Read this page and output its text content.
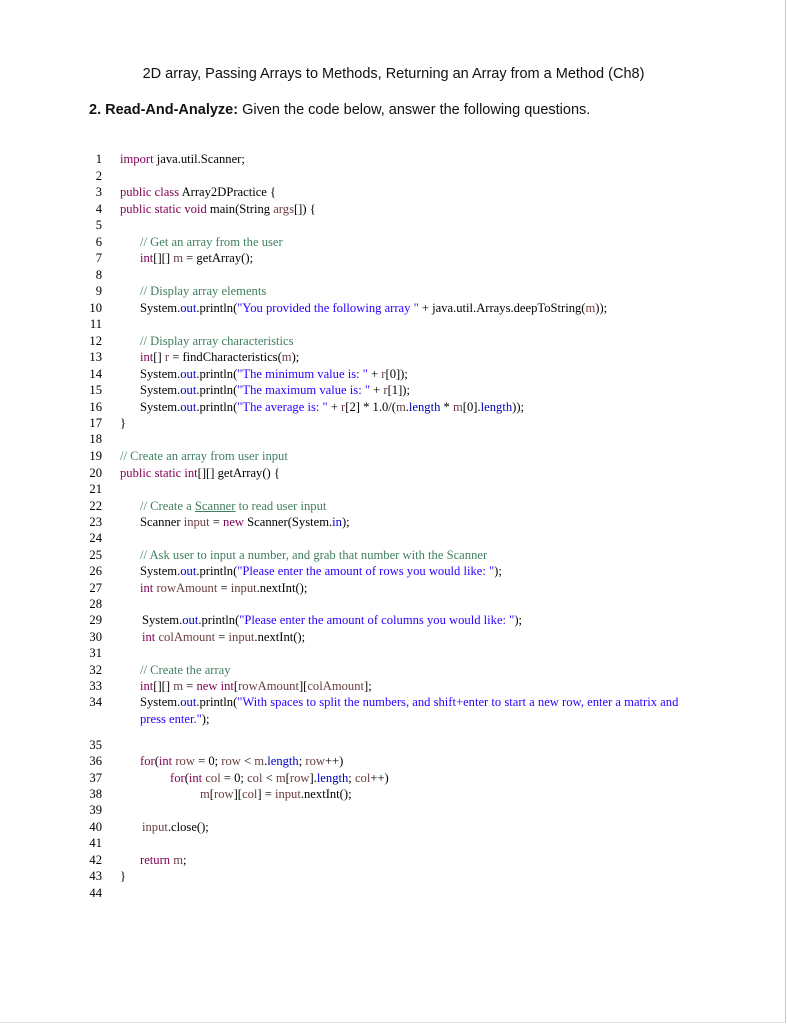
2D array, Passing Arrays to Methods, Returning an Array from a Method (Ch8)
2. Read-And-Analyze: Given the code below, answer the following questions.
1 import java.util.Scanner;
2
3 public class Array2DPractice {
4 public static void main(String args[]) {
5
6	// Get an array from the user
7	int[][] m = getArray();
8
9	// Display array elements
10	System.out.println("You provided the following array " + java.util.Arrays.deepToString(m));
11
12	// Display array characteristics
13	int[] r = findCharacteristics(m);
14	System.out.println("The minimum value is: " + r[0]);
15	System.out.println("The maximum value is: " + r[1]);
16	System.out.println("The average is: " + r[2] * 1.0/(m.length * m[0].length));
17 }
18
19 // Create an array from user input
20 public static int[][] getArray() {
21
22	// Create a Scanner to read user input
23	Scanner input = new Scanner(System.in);
24
25	// Ask user to input a number, and grab that number with the Scanner
26	System.out.println("Please enter the amount of rows you would like: ");
27	int rowAmount = input.nextInt();
28
29	System.out.println("Please enter the amount of columns you would like: ");
30	int colAmount = input.nextInt();
31
32	// Create the array
33	int[][] m = new int[rowAmount][colAmount];
34	System.out.println("With spaces to split the numbers, and shift+enter to start a new row, enter a matrix and
press enter.");
35
36	for(int row = 0; row < m.length; row++)
37	for(int col = 0; col < m[row].length; col++)
38	m[row][col] = input.nextInt();
39
40	input.close();
41
42	return m;
43 }
44
